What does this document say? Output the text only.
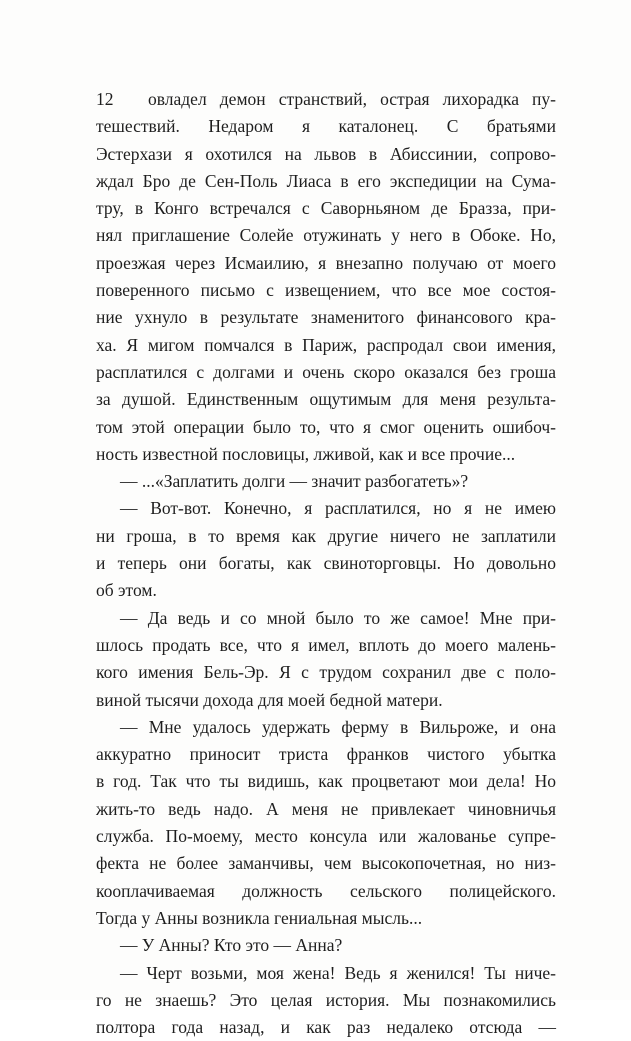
12	овладел демон странствий, острая лихорадка пу-
тешествий. Недаром я каталонец. С братьями
Эстерхази я охотился на львов в Абиссинии, сопрово-
ждал Бро де Сен-Поль Лиаса в его экспедиции на Сума-
тру, в Конго встречался с Саворньяном де Бразза, при-
нял приглашение Солейе отужинать у него в Обоке. Но,
проезжая через Исмаилию, я внезапно получаю от моего
поверенного письмо с извещением, что все мое состоя-
ние ухнуло в результате знаменитого финансового кра-
ха. Я мигом помчался в Париж, распродал свои имения,
расплатился с долгами и очень скоро оказался без гроша
за душой. Единственным ощутимым для меня результа-
том этой операции было то, что я смог оценить ошибоч-
ность известной пословицы, лживой, как и все прочие...
— ...«Заплатить долги — значит разбогатеть»?
— Вот-вот. Конечно, я расплатился, но я не имею
ни гроша, в то время как другие ничего не заплатили
и теперь они богаты, как свиноторговцы. Но довольно
об этом.
— Да ведь и со мной было то же самое! Мне при-
шлось продать все, что я имел, вплоть до моего малень-
кого имения Бель-Эр. Я с трудом сохранил две с поло-
виной тысячи дохода для моей бедной матери.
— Мне удалось удержать ферму в Вильроже, и она
аккуратно приносит триста франков чистого убытка
в год. Так что ты видишь, как процветают мои дела! Но
жить-то ведь надо. А меня не привлекает чиновничья
служба. По-моему, место консула или жалованье супре-
фекта не более заманчивы, чем высокопочетная, но низ-
кооплачиваемая должность сельского полицейского.
Тогда у Анны возникла гениальная мысль...
— У Анны? Кто это — Анна?
— Черт возьми, моя жена! Ведь я женился! Ты ниче-
го не знаешь? Это целая история. Мы познакомились
полтора года назад, и как раз недалеко отсюда —
